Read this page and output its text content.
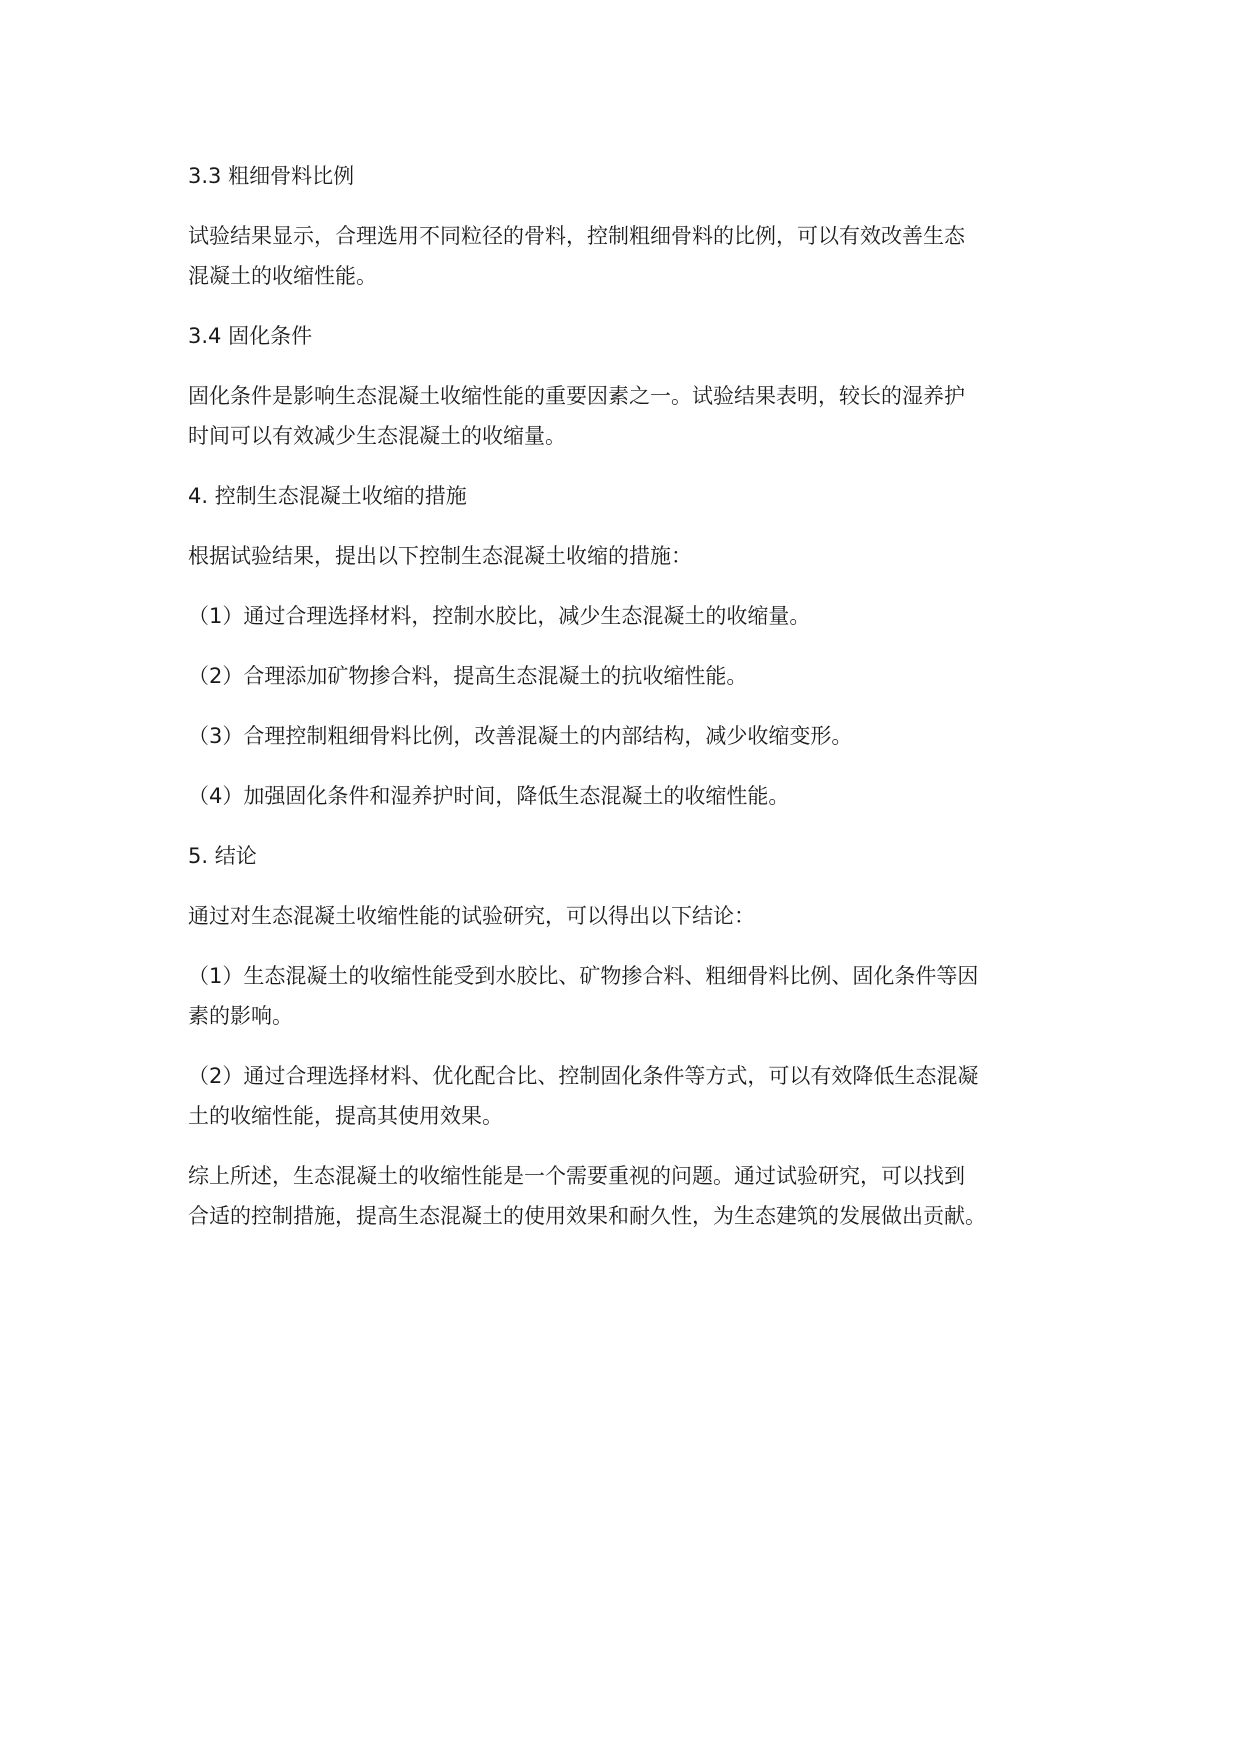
3.3 粗细骨料比例
试验结果显示，合理选用不同粒径的骨料，控制粗细骨料的比例，可以有效改善生态
混凝土的收缩性能。
3.4 固化条件
固化条件是影响生态混凝土收缩性能的重要因素之一。试验结果表明，较长的湿养护
时间可以有效减少生态混凝土的收缩量。
4. 控制生态混凝土收缩的措施
根据试验结果，提出以下控制生态混凝土收缩的措施：
（1）通过合理选择材料，控制水胶比，减少生态混凝土的收缩量。
（2）合理添加矿物掺合料，提高生态混凝土的抗收缩性能。
（3）合理控制粗细骨料比例，改善混凝土的内部结构，减少收缩变形。
（4）加强固化条件和湿养护时间，降低生态混凝土的收缩性能。
5. 结论
通过对生态混凝土收缩性能的试验研究，可以得出以下结论：
（1）生态混凝土的收缩性能受到水胶比、矿物掺合料、粗细骨料比例、固化条件等因
素的影响。
（2）通过合理选择材料、优化配合比、控制固化条件等方式，可以有效降低生态混凝
土的收缩性能，提高其使用效果。
综上所述，生态混凝土的收缩性能是一个需要重视的问题。通过试验研究，可以找到
合适的控制措施，提高生态混凝土的使用效果和耐久性，为生态建筑的发展做出贡献。
